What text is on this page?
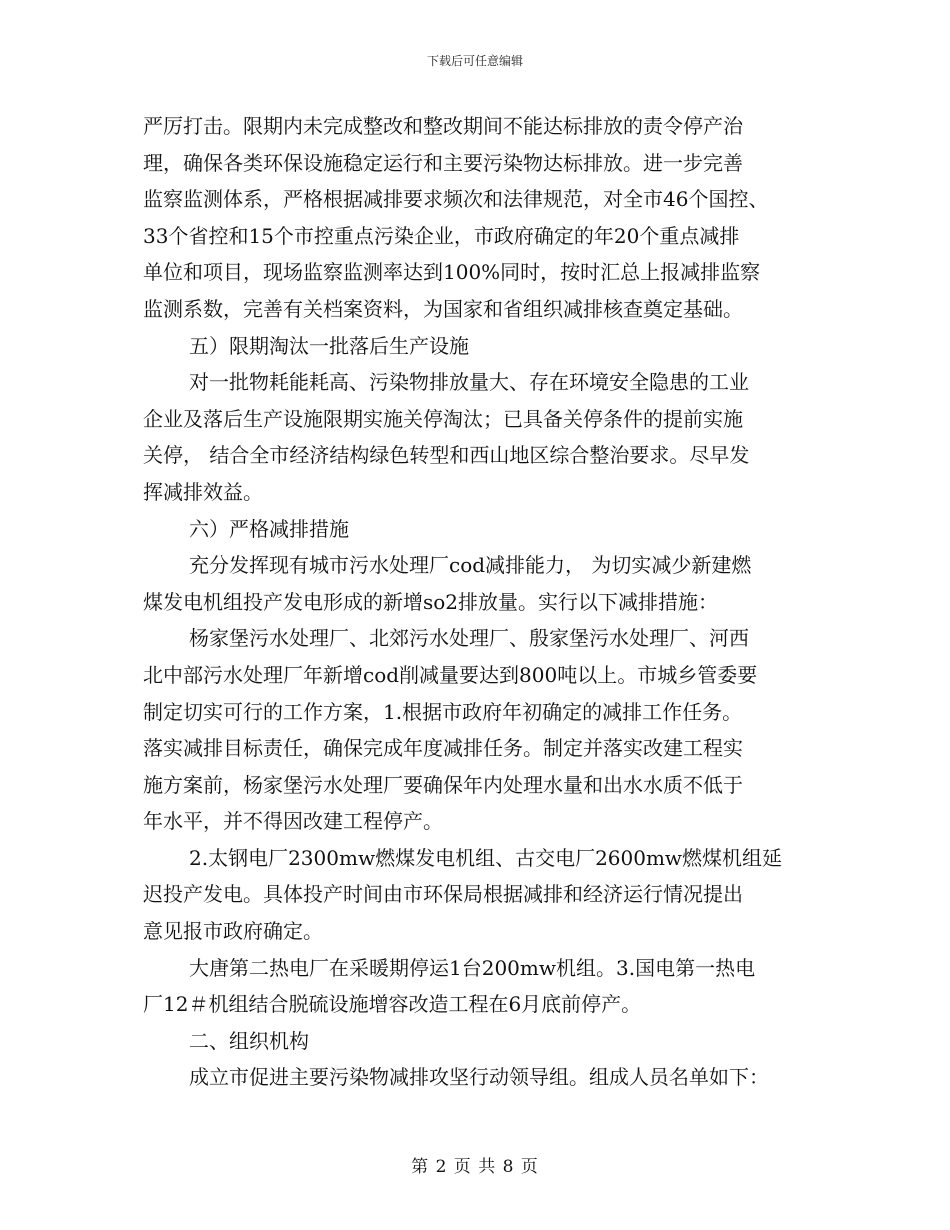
下载后可任意编辑
严厉打击。限期内未完成整改和整改期间不能达标排放的责令停产治
理，确保各类环保设施稳定运行和主要污染物达标排放。进一步完善
监察监测体系，严格根据减排要求频次和法律规范，对全市46个国控、
33个省控和15个市控重点污染企业，市政府确定的年20个重点减排
单位和项目，现场监察监测率达到100%同时，按时汇总上报减排监察
监测系数，完善有关档案资料，为国家和省组织减排核查奠定基础。
五）限期淘汰一批落后生产设施
对一批物耗能耗高、污染物排放量大、存在环境安全隐患的工业
企业及落后生产设施限期实施关停淘汰；已具备关停条件的提前实施
关停， 结合全市经济结构绿色转型和西山地区综合整治要求。尽早发
挥减排效益。
六）严格减排措施
充分发挥现有城市污水处理厂cod减排能力， 为切实减少新建燃
煤发电机组投产发电形成的新增so2排放量。实行以下减排措施：
杨家堡污水处理厂、北郊污水处理厂、殷家堡污水处理厂、河西
北中部污水处理厂年新增cod削减量要达到800吨以上。市城乡管委要
制定切实可行的工作方案，1.根据市政府年初确定的减排工作任务。
落实减排目标责任，确保完成年度减排任务。制定并落实改建工程实
施方案前，杨家堡污水处理厂要确保年内处理水量和出水水质不低于
年水平，并不得因改建工程停产。
2.太钢电厂2300mw燃煤发电机组、古交电厂2600mw燃煤机组延
迟投产发电。具体投产时间由市环保局根据减排和经济运行情况提出
意见报市政府确定。
大唐第二热电厂在采暖期停运1台200mw机组。3.国电第一热电
厂12＃机组结合脱硫设施增容改造工程在6月底前停产。
二、组织机构
成立市促进主要污染物减排攻坚行动领导组。组成人员名单如下：
第 2 页 共 8 页
